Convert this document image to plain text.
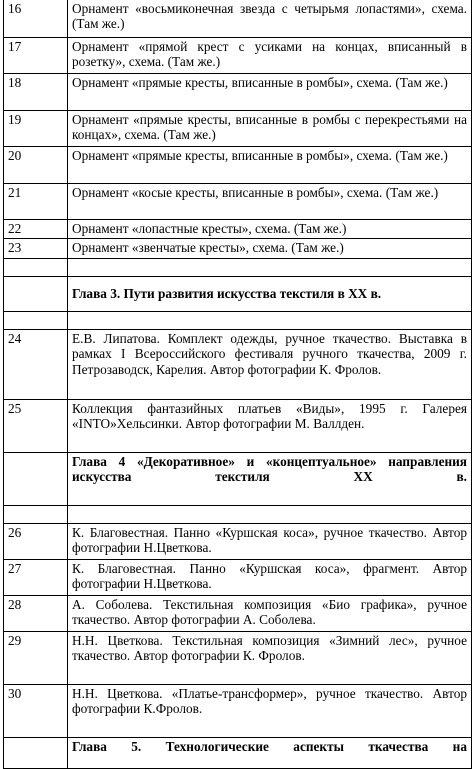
16	Орнамент «восьмиконечная звезда с четырьмя лопастями», схема. (Там же.)
17	Орнамент «прямой крест с усиками на концах, вписанный в розетку», схема. (Там же.)
18	Орнамент «прямые кресты, вписанные в ромбы», схема. (Там же.)
19	Орнамент «прямые кресты, вписанные в ромбы с перекрестьями на концах», схема. (Там же.)
20	Орнамент «прямые кресты, вписанные в ромбы», схема. (Там же.)
21	Орнамент «косые кресты, вписанные в ромбы», схема. (Там же.)
22	Орнамент «лопастные кресты», схема. (Там же.)
23	Орнамент «звенчатые кресты», схема. (Там же.)

	Глава 3. Пути развития искусства текстиля в XX в.

24	Е.В. Липатова. Комплект одежды, ручное ткачество. Выставка в рамках I Всероссийского фестиваля ручного ткачества, 2009 г. Петрозаводск, Карелия. Автор фотографии К. Фролов.
25	Коллекция фантазийных платьев «Виды», 1995 г. Галерея «INTO»Хельсинки. Автор фотографии М. Валлден.
	Глава 4 «Декоративное» и «концептуальное» направления искусства текстиля XX в.

26	К. Благовестная. Панно «Куршская коса», ручное ткачество. Автор фотографии Н.Цветкова.
27	К. Благовестная. Панно «Куршская коса», фрагмент. Автор фотографии Н.Цветкова.
28	А. Соболева. Текстильная композиция «Био графика», ручное ткачество. Автор фотографии А. Соболева.
29	Н.Н. Цветкова. Текстильная композиция «Зимний лес», ручное ткачество. Автор фотографии К. Фролов.
30	Н.Н. Цветкова. «Платье-трансформер», ручное ткачество. Автор фотографии К.Фролов.
	Глава 5. Технологические аспекты ткачества на
